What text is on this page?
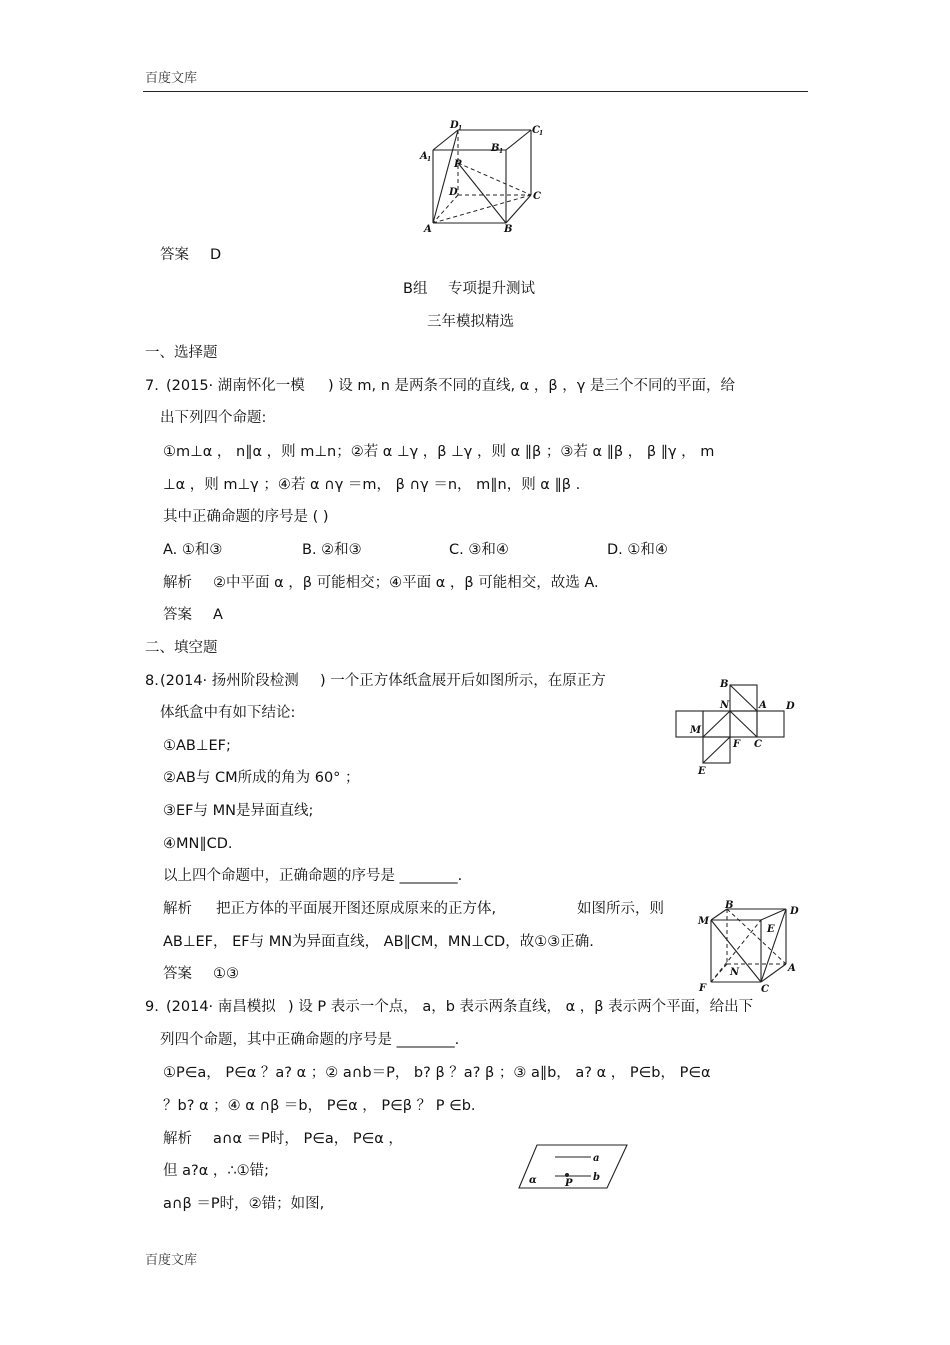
百度文库
D 1	C 1
A 1 P
B 1
D	C
A	B
答案 D
B组 专项提升测试
三年模拟精选
一、选择题
7. (2015· 湖南怀化一模 ) 设 m, n 是两条不同的直线, α ，β ，γ 是三个不同的平面，给
出下列四个命题:
①m⊥α ， n∥α ，则 m⊥n；②若 α ⊥γ ，β ⊥γ ，则 α ∥β ；③若 α ∥β ， β ∥γ ， m
⊥α ，则 m⊥γ ；④若 α ∩γ ＝m， β ∩γ ＝n， m∥n，则 α ∥β .
其中正确命题的序号是 ( )
A. ①和③	B. ②和③	C. ③和④	D. ①和④
解析 ②中平面 α ，β 可能相交；④平面 α ，β 可能相交，故选 A.
答案 A
二、填空题
8. (2014· 扬州阶段检测 ) 一个正方体纸盒展开后如图所示，在原正方
体纸盒中有如下结论:
①AB⊥EF;
②AB与 CM所成的角为 60° ；
③EF与 MN是异面直线;
④MN∥CD.
以上四个命题中，正确命题的序号是 ________.
解析 把正方体的平面展开图还原成原来的正方体,	如图所示，则
AB⊥EF， EF与 MN为异面直线， AB∥CM，MN⊥CD，故①③正确.
答案 ①③
B
N	A D
M
F C
E
M
B
D
E
N
F	C
A
9. (2014· 南昌模拟 ) 设 P 表示一个点， a，b 表示两条直线， α ，β 表示两个平面，给出下
列四个命题，其中正确命题的序号是 ________.
①P∈a， P∈α ？a? α ；② a∩b＝P， b? β ？a? β ；③ a∥b， a? α ， P∈b， P∈α
？b? α ；④ α ∩β ＝b， P∈α ， P∈β ？ P ∈b.
解析 a∩α ＝P时， P∈a， P∈α ，
但 a?α ，∴①错;
a∩β ＝P时，②错；如图,
a
α	P
b
百度文库
